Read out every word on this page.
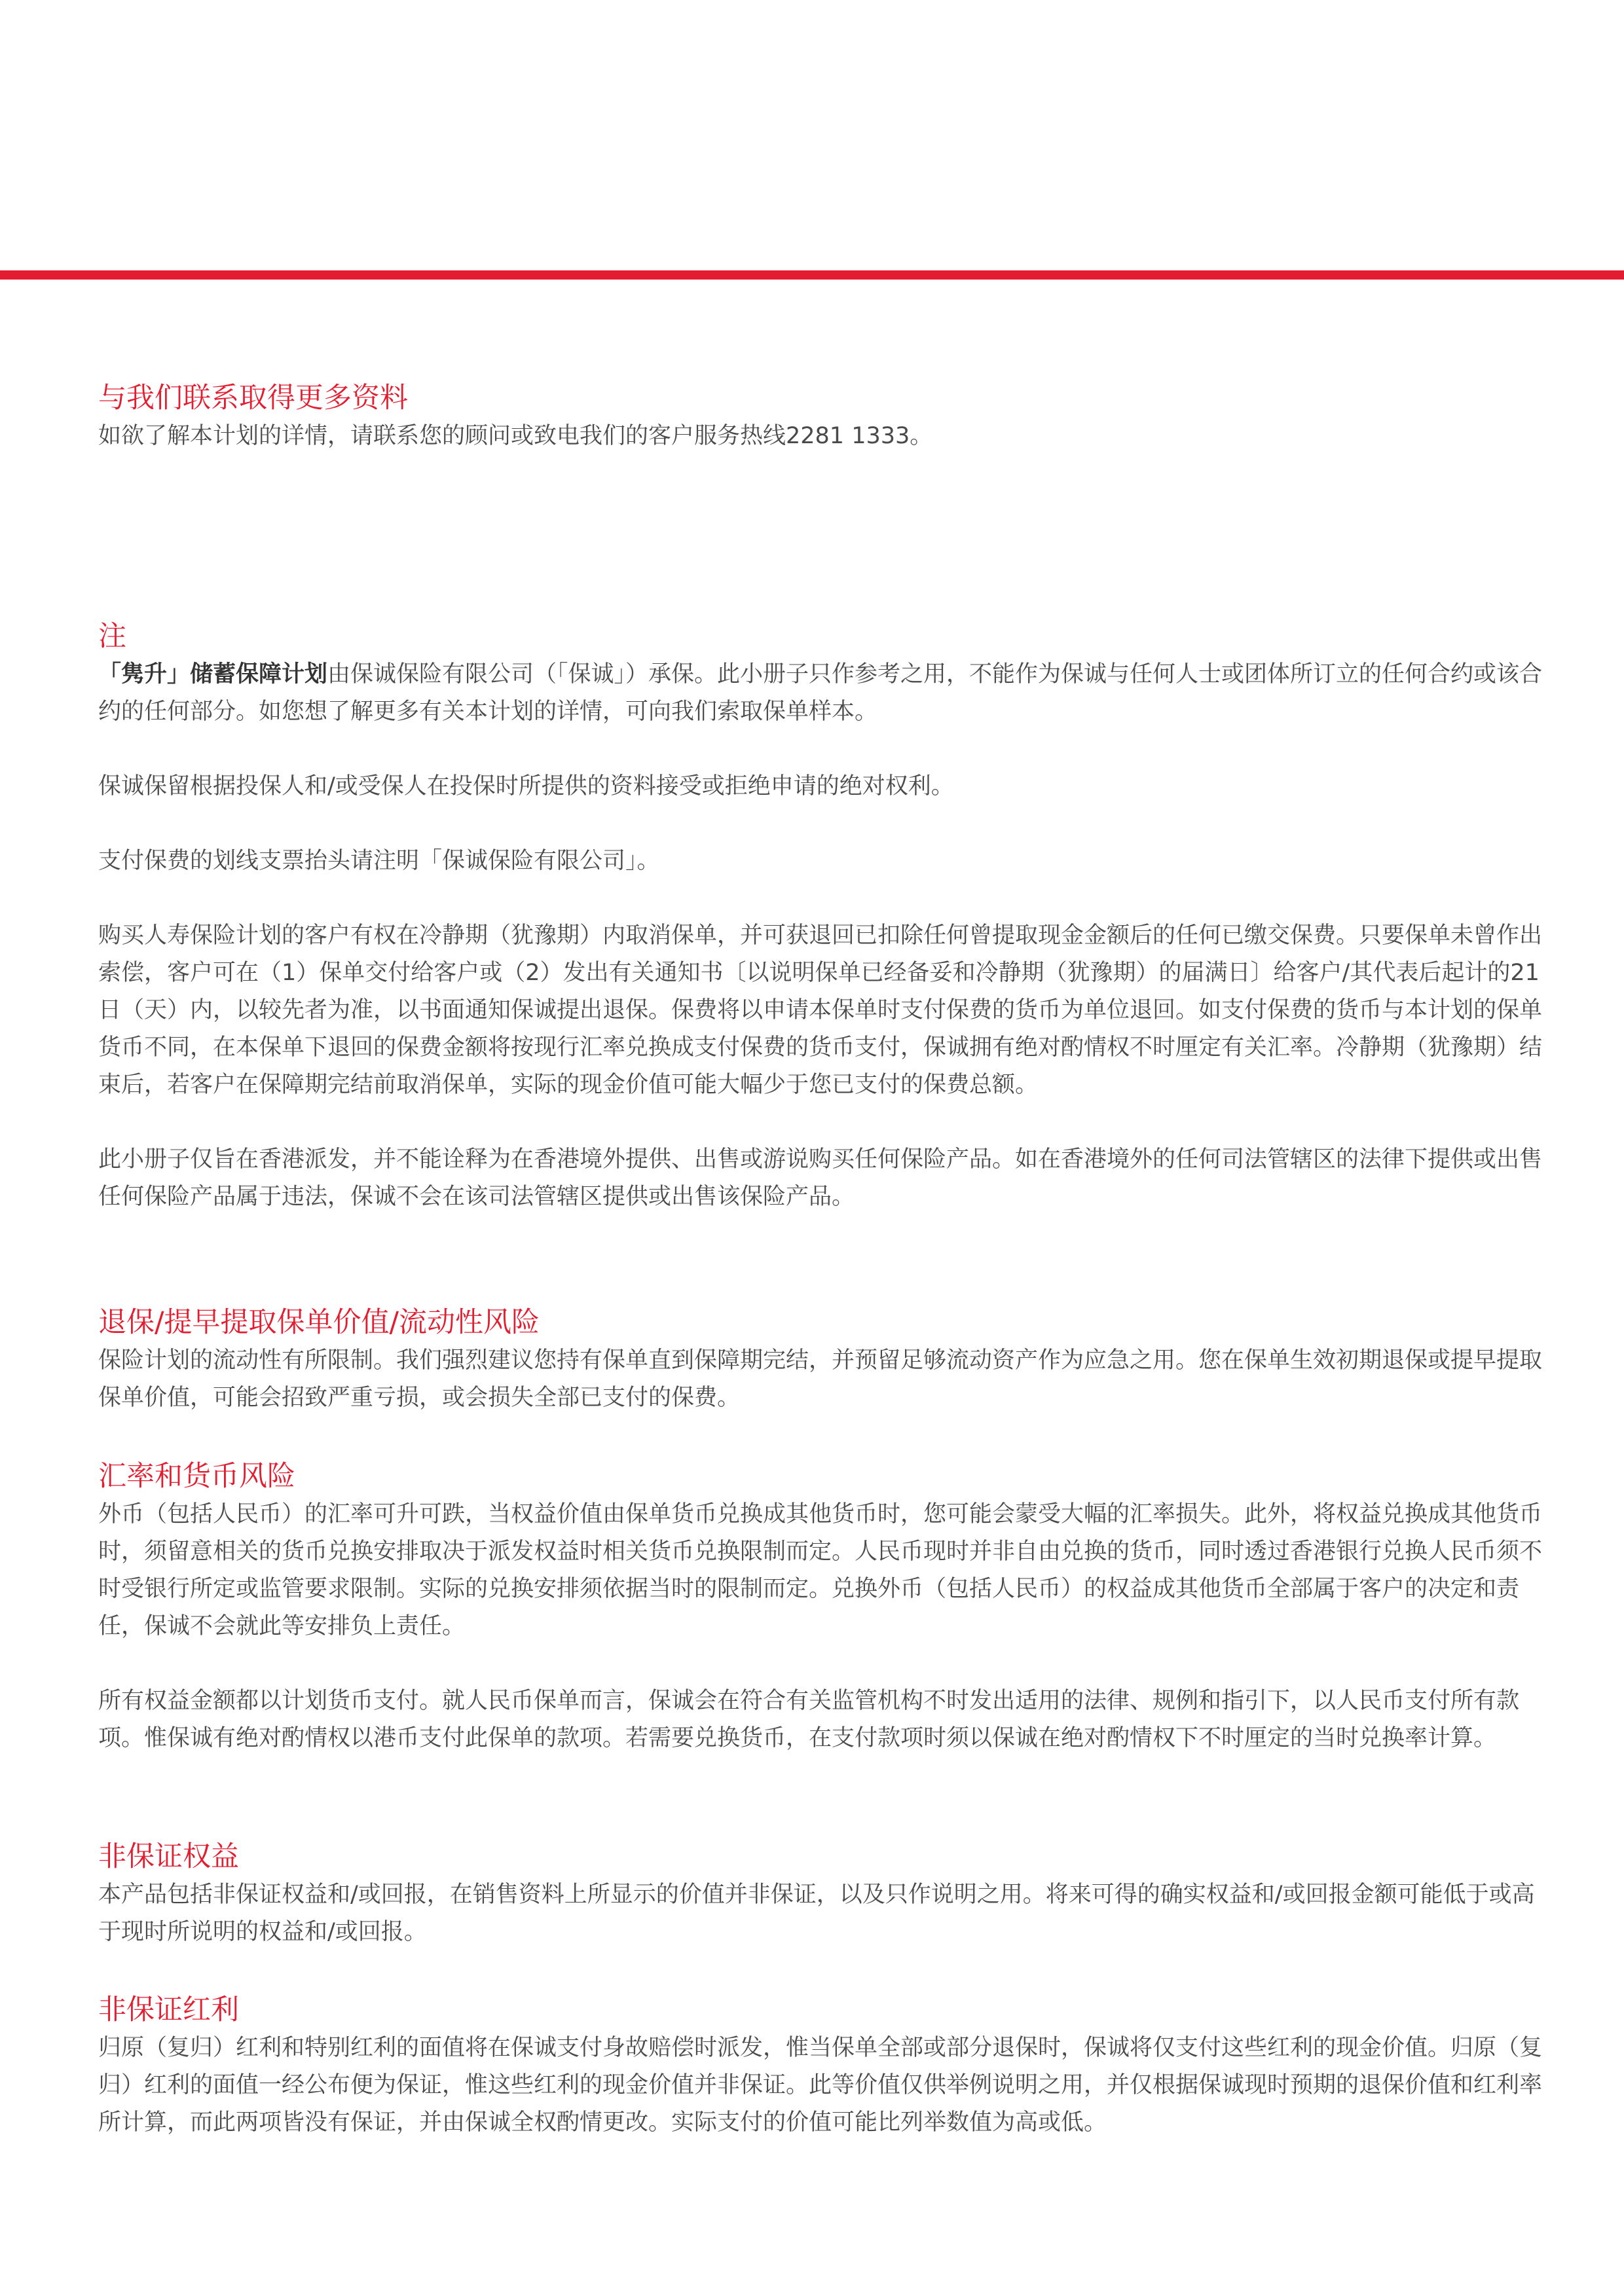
与我们联系取得更多资料

如欲了解本计划的详情，请联系您的顾问或致电我们的客户服务热线2281 1333。

注

「隽升」储蓄保障计划由保诚保险有限公司（「保诚」）承保。此小册子只作参考之用，不能作为保诚与任何人士或团体所订立的任何合约或该合约的任何部分。如您想了解更多有关本计划的详情，可向我们索取保单样本。

保诚保留根据投保人和/或受保人在投保时所提供的资料接受或拒绝申请的绝对权利。

支付保费的划线支票抬头请注明「保诚保险有限公司」。

购买人寿保险计划的客户有权在冷静期（犹豫期）内取消保单，并可获退回已扣除任何曾提取现金金额后的任何已缴交保费。只要保单未曾作出索偿，客户可在（1）保单交付给客户或（2）发出有关通知书〔以说明保单已经备妥和冷静期（犹豫期）的届满日〕给客户/其代表后起计的21日（天）内，以较先者为准，以书面通知保诚提出退保。保费将以申请本保单时支付保费的货币为单位退回。如支付保费的货币与本计划的保单货币不同，在本保单下退回的保费金额将按现行汇率兑换成支付保费的货币支付，保诚拥有绝对酌情权不时厘定有关汇率。冷静期（犹豫期）结束后，若客户在保障期完结前取消保单，实际的现金价值可能大幅少于您已支付的保费总额。

此小册子仅旨在香港派发，并不能诠释为在香港境外提供、出售或游说购买任何保险产品。如在香港境外的任何司法管辖区的法律下提供或出售任何保险产品属于违法，保诚不会在该司法管辖区提供或出售该保险产品。

退保/提早提取保单价值/流动性风险

保险计划的流动性有所限制。我们强烈建议您持有保单直到保障期完结，并预留足够流动资产作为应急之用。您在保单生效初期退保或提早提取保单价值，可能会招致严重亏损，或会损失全部已支付的保费。

汇率和货币风险

外币（包括人民币）的汇率可升可跌，当权益价值由保单货币兑换成其他货币时，您可能会蒙受大幅的汇率损失。此外，将权益兑换成其他货币时，须留意相关的货币兑换安排取决于派发权益时相关货币兑换限制而定。人民币现时并非自由兑换的货币，同时透过香港银行兑换人民币须不时受银行所定或监管要求限制。实际的兑换安排须依据当时的限制而定。兑换外币（包括人民币）的权益成其他货币全部属于客户的决定和责任，保诚不会就此等安排负上责任。

所有权益金额都以计划货币支付。就人民币保单而言，保诚会在符合有关监管机构不时发出适用的法律、规例和指引下，以人民币支付所有款项。惟保诚有绝对酌情权以港币支付此保单的款项。若需要兑换货币，在支付款项时须以保诚在绝对酌情权下不时厘定的当时兑换率计算。

非保证权益

本产品包括非保证权益和/或回报，在销售资料上所显示的价值并非保证，以及只作说明之用。将来可得的确实权益和/或回报金额可能低于或高于现时所说明的权益和/或回报。

非保证红利

归原（复归）红利和特别红利的面值将在保诚支付身故赔偿时派发，惟当保单全部或部分退保时，保诚将仅支付这些红利的现金价值。归原（复归）红利的面值一经公布便为保证，惟这些红利的现金价值并非保证。此等价值仅供举例说明之用，并仅根据保诚现时预期的退保价值和红利率所计算，而此两项皆没有保证，并由保诚全权酌情更改。实际支付的价值可能比列举数值为高或低。
